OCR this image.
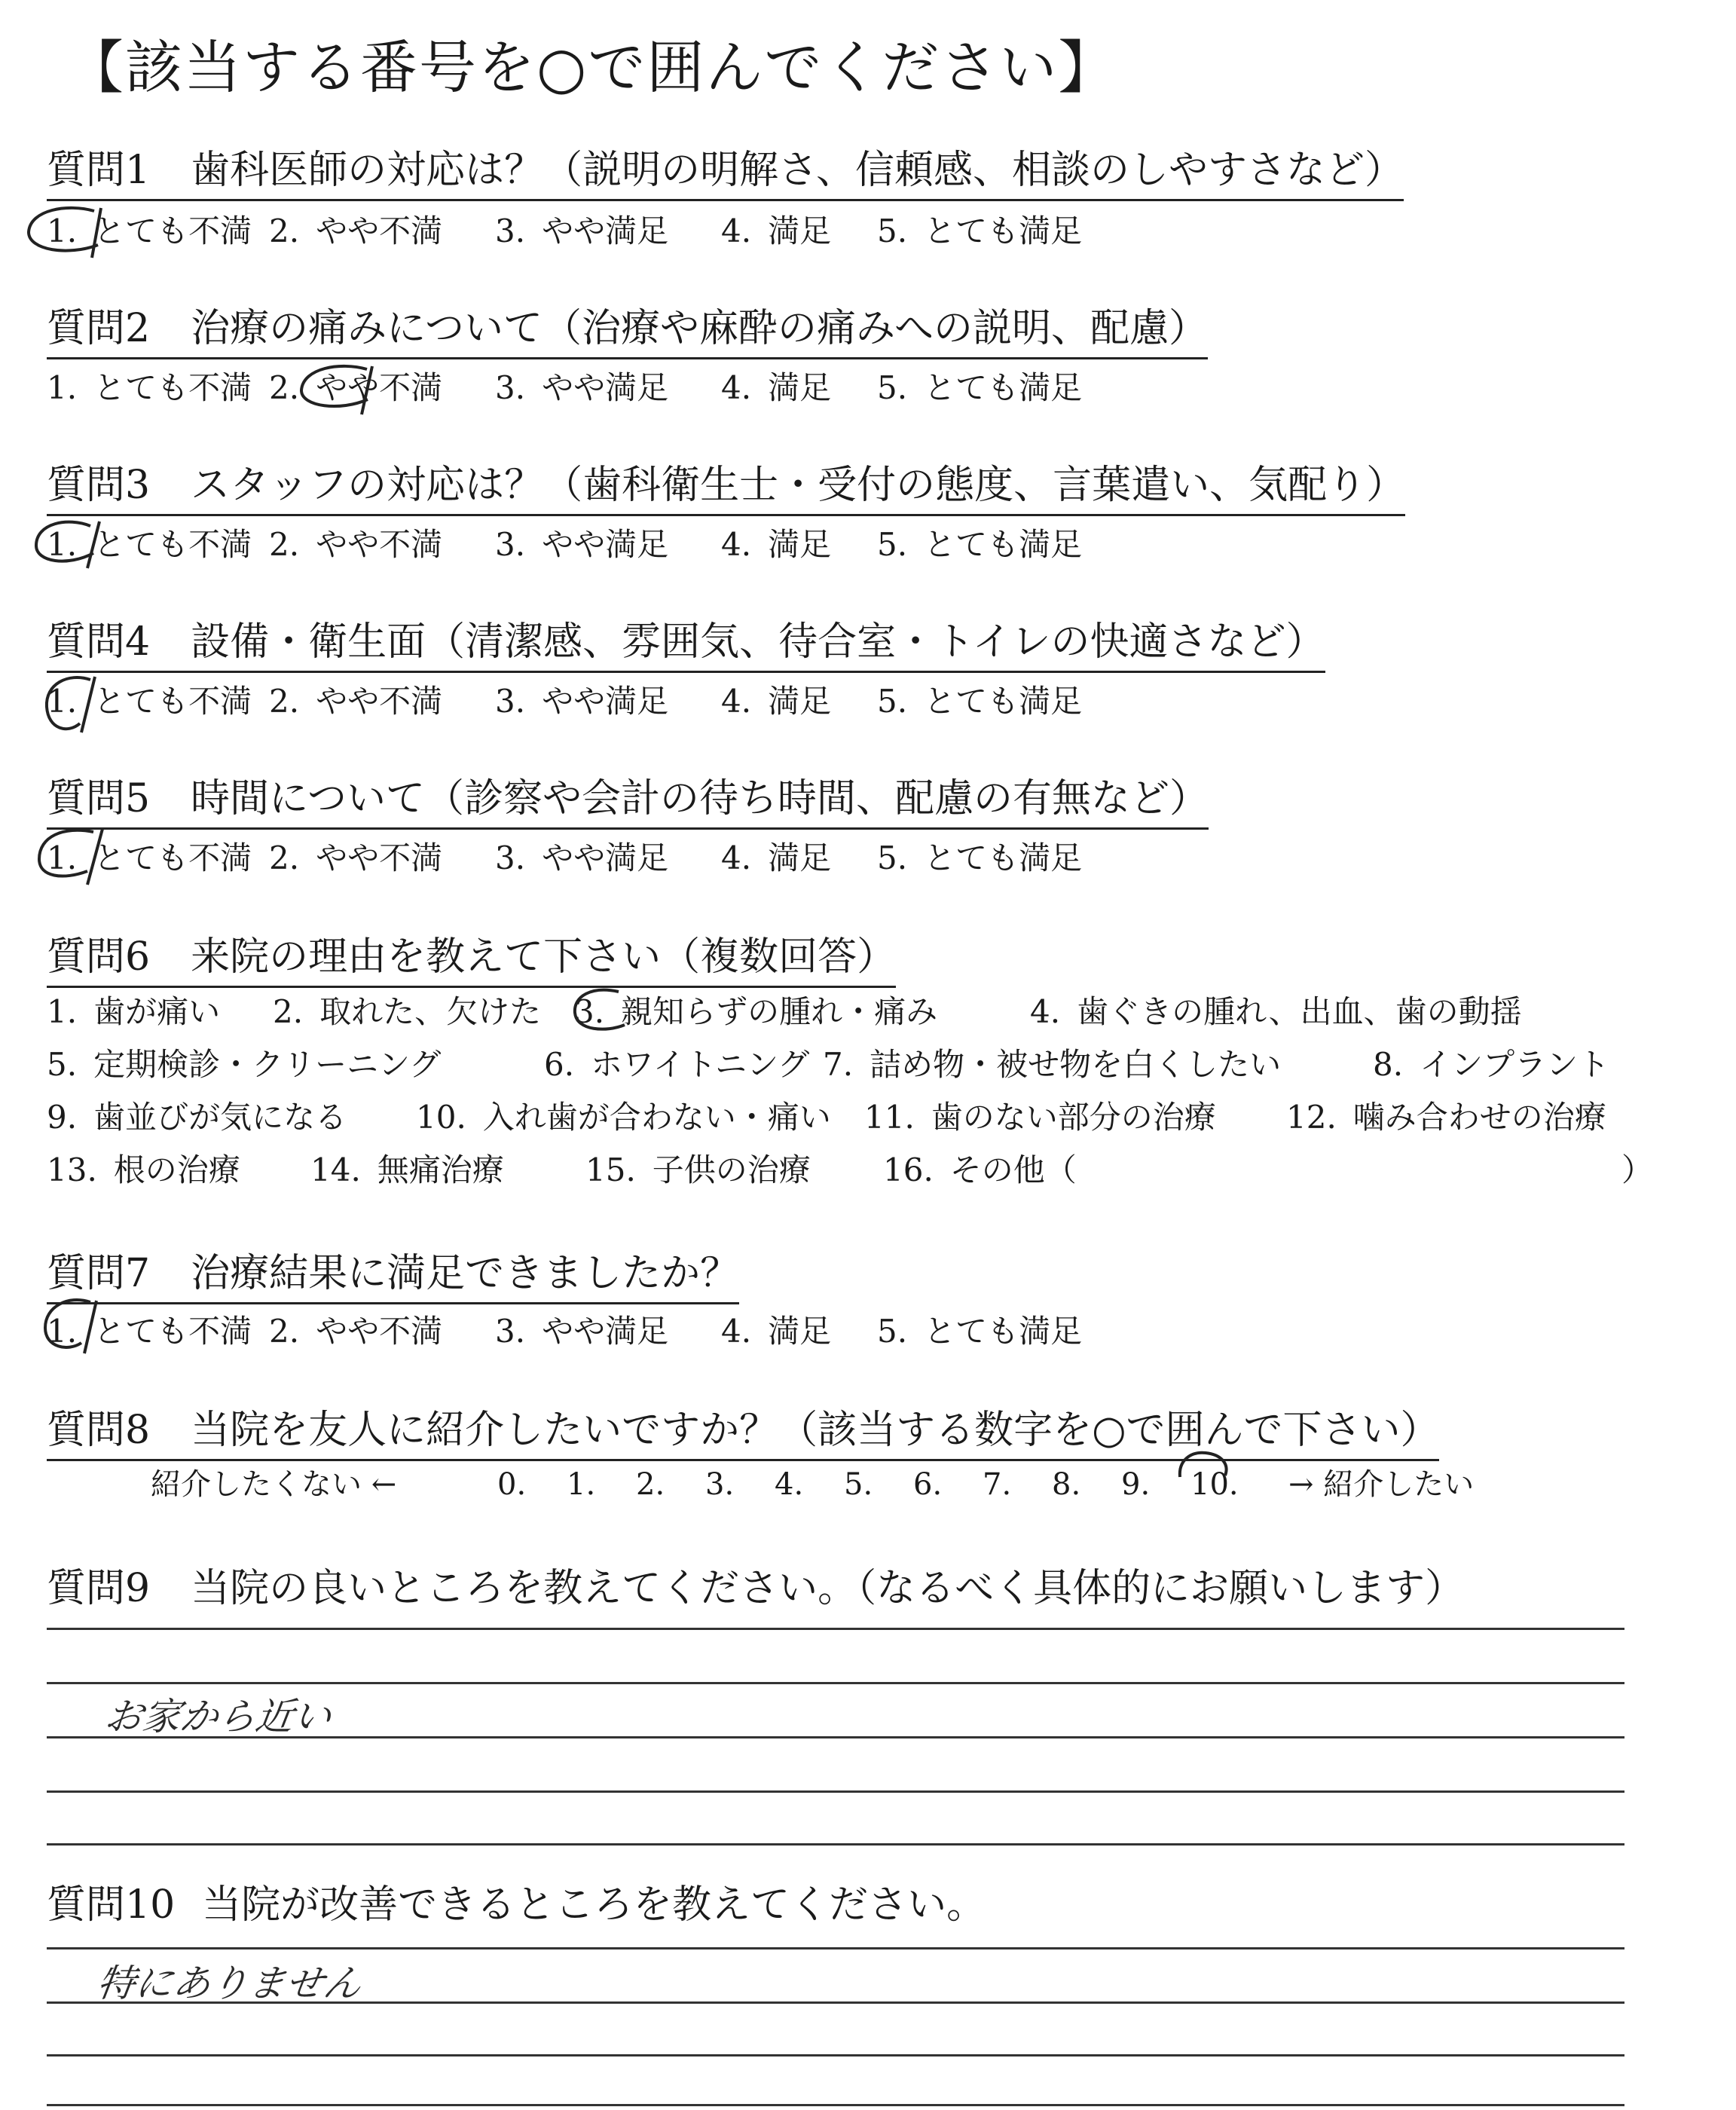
【該当する番号を○で囲んでください】
質問1 歯科医師の対応は？（説明の明解さ、信頼感、相談のしやすさなど）
1. とても不満 2. やや不満	3. やや満足	4. 満足	5. とても満足
質問2 治療の痛みについて（治療や麻酔の痛みへの説明、配慮）
1. とても不満 2. やや不満	3. やや満足	4. 満足	5. とても満足
質問3 スタッフの対応は？（歯科衛生士・受付の態度、言葉遣い、気配り）
1. とても不満 2. やや不満	3. やや満足	4. 満足	5. とても満足
質問4 設備・衛生面（清潔感、雰囲気、待合室・トイレの快適さなど）
1. とても不満 2. やや不満	3. やや満足	4. 満足	5. とても満足
質問5 時間について（診察や会計の待ち時間、配慮の有無など）
1. とても不満 2. やや不満	3. やや満足	4. 満足	5. とても満足
質問6 来院の理由を教えて下さい（複数回答）
1. 歯が痛い	2. 取れた、欠けた	3. 親知らずの腫れ・痛み	4. 歯ぐきの腫れ、出血、歯の動揺
5. 定期検診・クリーニング	6. ホワイトニング 7. 詰め物・被せ物を白くしたい	8. インプラント
9. 歯並びが気になる	10. 入れ歯が合わない・痛い	11. 歯のない部分の治療	12. 噛み合わせの治療
13. 根の治療	14. 無痛治療	15. 子供の治療	16. その他（	）
質問7 治療結果に満足できましたか？
1. とても不満 2. やや不満	3. やや満足	4. 満足	5. とても満足
質問8 当院を友人に紹介したいですか？（該当する数字を○で囲んで下さい）
紹介したくない ←	0.	1.	2.	3.	4.	5.	6.	7.	8.	9.	10.	→ 紹介したい
質問9 当院の良いところを教えてください。（なるべく具体的にお願いします）
お家から近い
質問10 当院が改善できるところを教えてください。
特にありません
